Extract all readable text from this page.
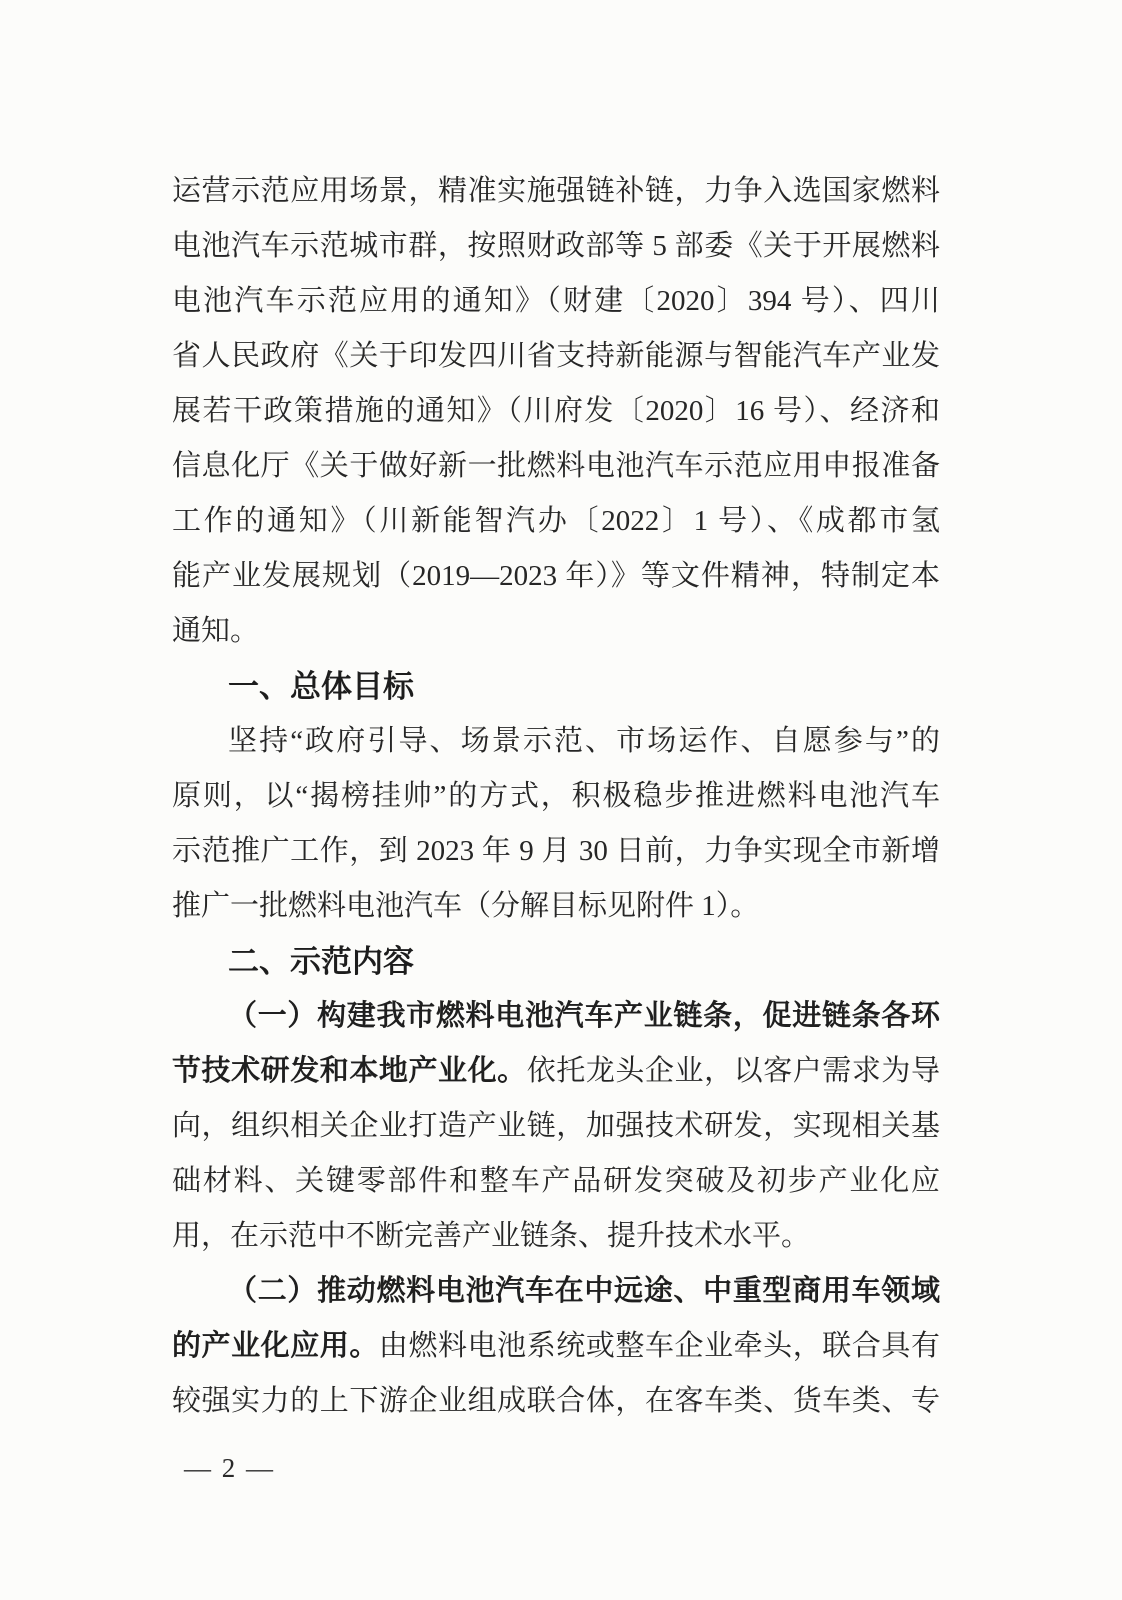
运营示范应用场景，精准实施强链补链，力争入选国家燃料

电池汽车示范城市群，按照财政部等 5 部委《关于开展燃料

电池汽车示范应用的通知》（财建〔2020〕394 号）、四川

省人民政府《关于印发四川省支持新能源与智能汽车产业发

展若干政策措施的通知》（川府发〔2020〕16 号）、经济和

信息化厅《关于做好新一批燃料电池汽车示范应用申报准备

工作的通知》（川新能智汽办〔2022〕1 号）、《成都市氢

能产业发展规划（2019—2023 年）》等文件精神，特制定本

通知。

一、总体目标

坚持“政府引导、场景示范、市场运作、自愿参与”的

原则，以“揭榜挂帅”的方式，积极稳步推进燃料电池汽车

示范推广工作，到 2023 年 9 月 30 日前，力争实现全市新增

推广一批燃料电池汽车（分解目标见附件 1）。

二、示范内容

（一）构建我市燃料电池汽车产业链条，促进链条各环

节技术研发和本地产业化。依托龙头企业，以客户需求为导

向，组织相关企业打造产业链，加强技术研发，实现相关基

础材料、关键零部件和整车产品研发突破及初步产业化应

用，在示范中不断完善产业链条、提升技术水平。

（二）推动燃料电池汽车在中远途、中重型商用车领域

的产业化应用。由燃料电池系统或整车企业牵头，联合具有

较强实力的上下游企业组成联合体，在客车类、货车类、专

— 2 —
